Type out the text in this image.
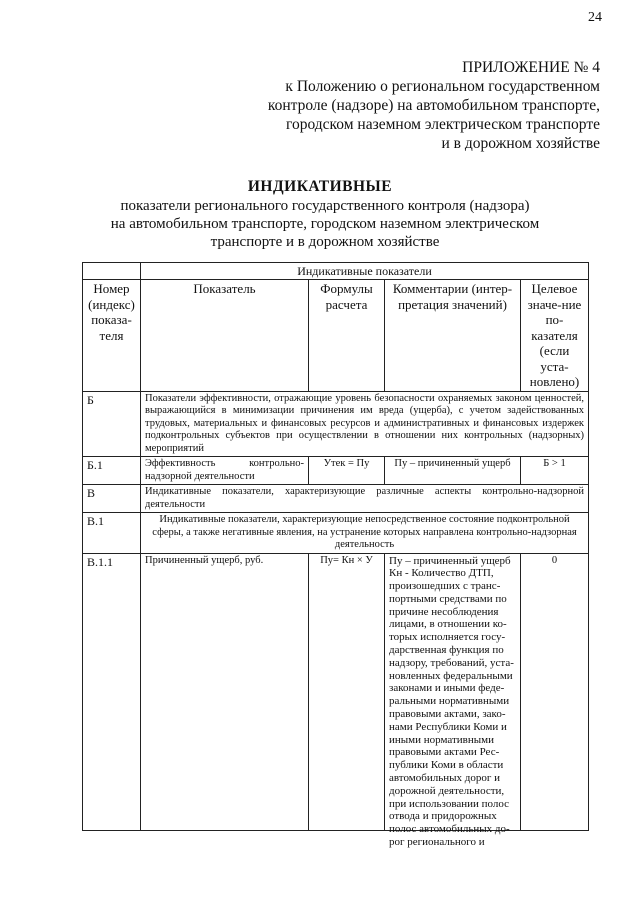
24
ПРИЛОЖЕНИЕ № 4
к Положению о региональном государственном
контроле (надзоре) на автомобильном транспорте,
городском наземном электрическом транспорте
и в дорожном хозяйстве
ИНДИКАТИВНЫЕ
показатели регионального государственного контроля (надзора)
на автомобильном транспорте, городском наземном электрическом
транспорте и в дорожном хозяйстве
	Индикативные показатели			
Номер (индекс) показа-теля	Показатель	Формулы расчета	Комментарии (интер-претация значений)	Целевое значе-ние по-казателя (если уста-новлено)
Б	Показатели эффективности, отражающие уровень безопасности охраняемых законом ценностей, выражающийся в минимизации причинения им вреда (ущерба), с учетом задействованных трудовых, материальных и финансовых ресурсов и административных и финансовых издержек подконтрольных субъектов при осуществлении в отношении них контрольных (надзорных) мероприятий			
Б.1	Эффективность контрольно-надзорной деятельности	Утек = Пу	Пу – причиненный ущерб	Б > 1
В	Индикативные показатели, характеризующие различные аспекты контрольно-надзорной деятельности			
В.1	Индикативные показатели, характеризующие непосредственное состояние подконтрольной сферы, а также негативные явления, на устранение которых направлена контрольно-надзорная деятельность			
В.1.1	Причиненный ущерб, руб.	Пу= Кн × У	Пу – причиненный ущерб Кн - Количество ДТП, произошедших с транс-портными средствами по причине несоблюдения лицами, в отношении ко-торых исполняется госу-дарственная функция по надзору, требований, уста-новленных федеральными законами и иными феде-ральными нормативными правовыми актами, зако-нами Республики Коми и иными нормативными правовыми актами Рес-публики Коми в области автомобильных дорог и дорожной деятельности, при использовании полос отвода и придорожных полос автомобильных до-рог регионального и	0
